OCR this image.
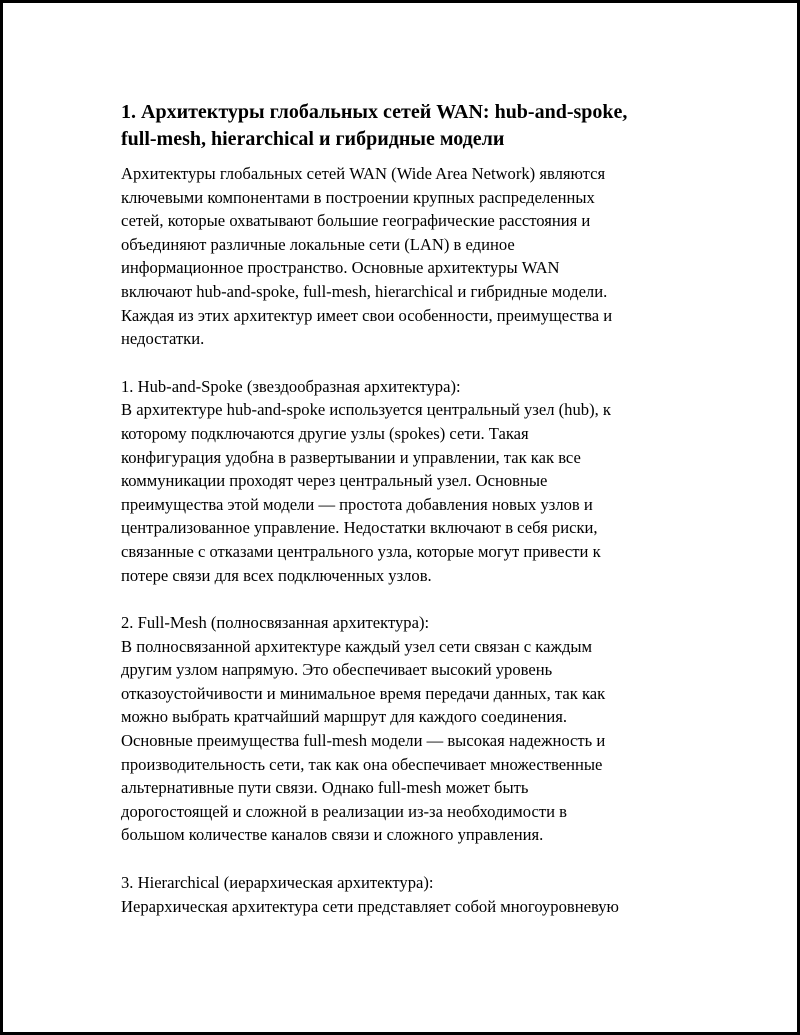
1. Архитектуры глобальных сетей WAN: hub-and-spoke,
full-mesh, hierarchical и гибридные модели

Архитектуры глобальных сетей WAN (Wide Area Network) являются
ключевыми компонентами в построении крупных распределенных
сетей, которые охватывают большие географические расстояния и
объединяют различные локальные сети (LAN) в единое
информационное пространство. Основные архитектуры WAN
включают hub-and-spoke, full-mesh, hierarchical и гибридные модели.
Каждая из этих архитектур имеет свои особенности, преимущества и
недостатки.

1. Hub-and-Spoke (звездообразная архитектура):
В архитектуре hub-and-spoke используется центральный узел (hub), к
которому подключаются другие узлы (spokes) сети. Такая
конфигурация удобна в развертывании и управлении, так как все
коммуникации проходят через центральный узел. Основные
преимущества этой модели — простота добавления новых узлов и
централизованное управление. Недостатки включают в себя риски,
связанные с отказами центрального узла, которые могут привести к
потере связи для всех подключенных узлов.

2. Full-Mesh (полносвязанная архитектура):
В полносвязанной архитектуре каждый узел сети связан с каждым
другим узлом напрямую. Это обеспечивает высокий уровень
отказоустойчивости и минимальное время передачи данных, так как
можно выбрать кратчайший маршрут для каждого соединения.
Основные преимущества full-mesh модели — высокая надежность и
производительность сети, так как она обеспечивает множественные
альтернативные пути связи. Однако full-mesh может быть
дорогостоящей и сложной в реализации из-за необходимости в
большом количестве каналов связи и сложного управления.

3. Hierarchical (иерархическая архитектура):
Иерархическая архитектура сети представляет собой многоуровневую
